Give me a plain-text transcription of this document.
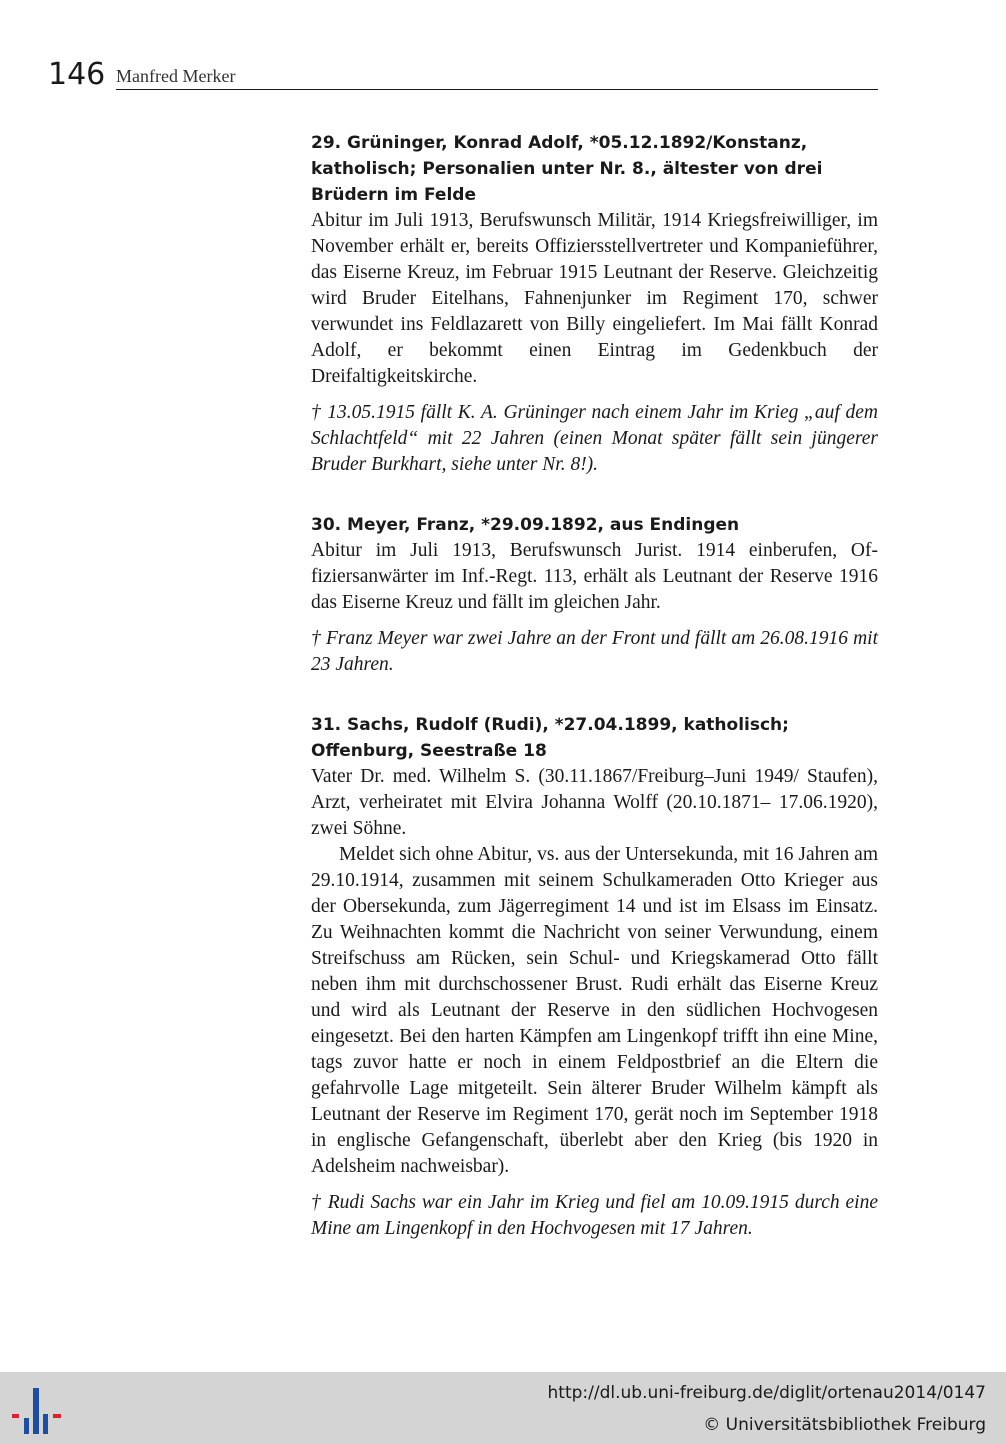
146 Manfred Merker

29. Grüninger, Konrad Adolf, *05.12.1892/Konstanz, katholisch; Personalien unter Nr. 8., ältester von drei Brüdern im Felde

Abitur im Juli 1913, Berufswunsch Militär, 1914 Kriegsfreiwilliger, im November erhält er, bereits Offiziersstellvertreter und Kompanieführer, das Eiserne Kreuz, im Februar 1915 Leutnant der Reserve. Gleichzeitig wird Bruder Eitelhans, Fahnenjunker im Regiment 170, schwer verwundet ins Feldlazarett von Billy eingeliefert. Im Mai fällt Konrad Adolf, er bekommt einen Eintrag im Gedenkbuch der Dreifaltigkeitskirche.

† 13.05.1915 fällt K. A. Grüninger nach einem Jahr im Krieg „auf dem Schlachtfeld“ mit 22 Jahren (einen Monat später fällt sein jüngerer Bruder Burkhart, siehe unter Nr. 8!).

30. Meyer, Franz, *29.09.1892, aus Endingen

Abitur im Juli 1913, Berufswunsch Jurist. 1914 einberufen, Offiziersanwärter im Inf.-Regt. 113, erhält als Leutnant der Reserve 1916 das Eiserne Kreuz und fällt im gleichen Jahr.

† Franz Meyer war zwei Jahre an der Front und fällt am 26.08.1916 mit 23 Jahren.

31. Sachs, Rudolf (Rudi), *27.04.1899, katholisch; Offenburg, Seestraße 18

Vater Dr. med. Wilhelm S. (30.11.1867/Freiburg–Juni 1949/ Staufen), Arzt, verheiratet mit Elvira Johanna Wolff (20.10.1871– 17.06.1920), zwei Söhne.

Meldet sich ohne Abitur, vs. aus der Untersekunda, mit 16 Jahren am 29.10.1914, zusammen mit seinem Schulkameraden Otto Krieger aus der Obersekunda, zum Jägerregiment 14 und ist im Elsass im Einsatz. Zu Weihnachten kommt die Nachricht von seiner Verwundung, einem Streifschuss am Rücken, sein Schul- und Kriegskamerad Otto fällt neben ihm mit durchschossener Brust. Rudi erhält das Eiserne Kreuz und wird als Leutnant der Reserve in den südlichen Hochvogesen eingesetzt. Bei den harten Kämpfen am Lingenkopf trifft ihn eine Mine, tags zuvor hatte er noch in einem Feldpostbrief an die Eltern die gefahrvolle Lage mitgeteilt. Sein älterer Bruder Wilhelm kämpft als Leutnant der Reserve im Regiment 170, gerät noch im September 1918 in englische Gefangenschaft, überlebt aber den Krieg (bis 1920 in Adelsheim nachweisbar).

† Rudi Sachs war ein Jahr im Krieg und fiel am 10.09.1915 durch eine Mine am Lingenkopf in den Hochvogesen mit 17 Jahren.

http://dl.ub.uni-freiburg.de/diglit/ortenau2014/0147
© Universitätsbibliothek Freiburg
